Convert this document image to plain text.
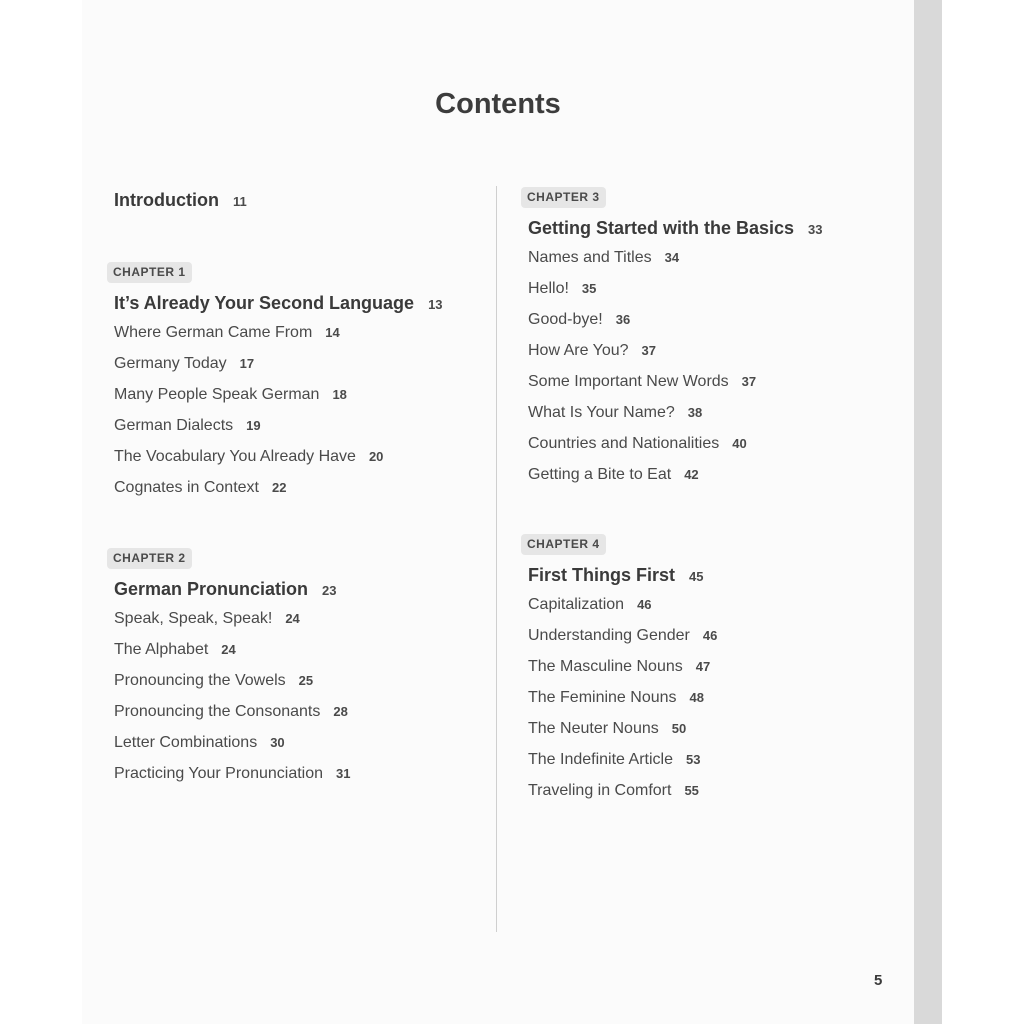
Contents
Introduction 11
CHAPTER 1
It’s Already Your Second Language 13
Where German Came From 14
Germany Today 17
Many People Speak German 18
German Dialects 19
The Vocabulary You Already Have 20
Cognates in Context 22
CHAPTER 2
German Pronunciation 23
Speak, Speak, Speak! 24
The Alphabet 24
Pronouncing the Vowels 25
Pronouncing the Consonants 28
Letter Combinations 30
Practicing Your Pronunciation 31
CHAPTER 3
Getting Started with the Basics 33
Names and Titles 34
Hello! 35
Good-bye! 36
How Are You? 37
Some Important New Words 37
What Is Your Name? 38
Countries and Nationalities 40
Getting a Bite to Eat 42
CHAPTER 4
First Things First 45
Capitalization 46
Understanding Gender 46
The Masculine Nouns 47
The Feminine Nouns 48
The Neuter Nouns 50
The Indefinite Article 53
Traveling in Comfort 55
5
